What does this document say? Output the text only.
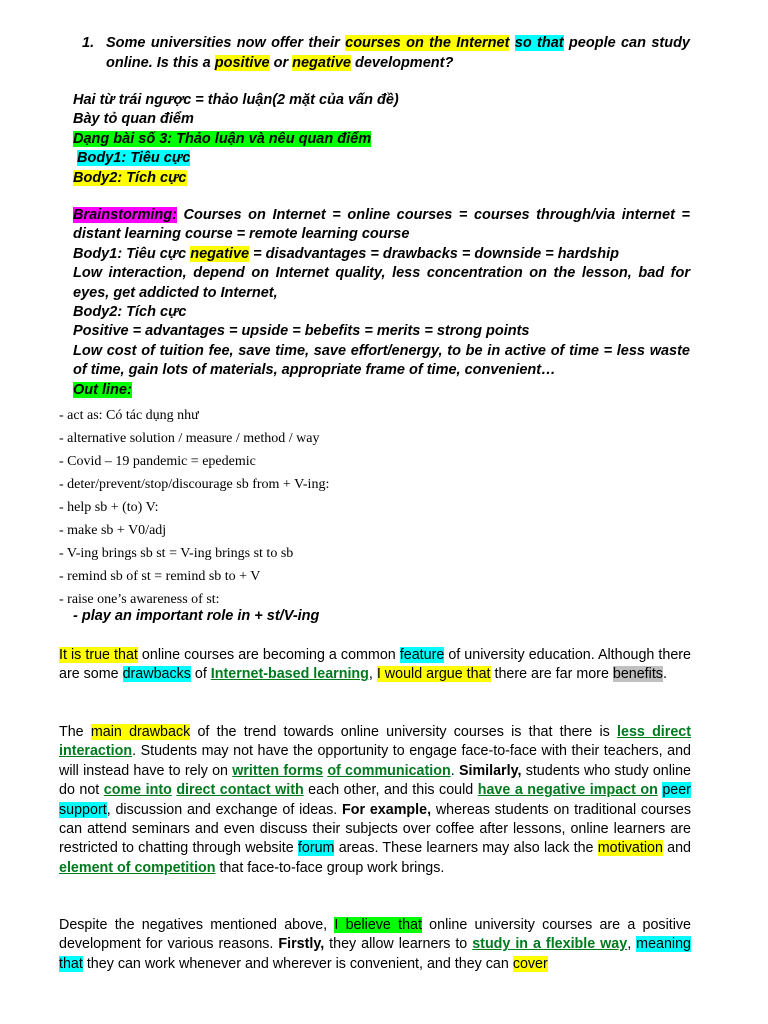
1. Some universities now offer their courses on the Internet so that people can study online. Is this a positive or negative development?
Hai từ trái ngược = thảo luận(2 mặt của vấn đề)
Bày tỏ quan điểm
Dạng bài số 3: Thảo luận và nêu quan điểm
Body1: Tiêu cực
Body2: Tích cực

Brainstorming: Courses on Internet = online courses = courses through/via internet = distant learning course = remote learning course

Body1: Tiêu cực negative = disadvantages = drawbacks = downside = hardship

Low interaction, depend on Internet quality, less concentration on the lesson, bad for eyes, get addicted to Internet,

Body2: Tích cực

Positive = advantages = upside = bebefits = merits = strong points

Low cost of tuition fee, save time, save effort/energy, to be in active of time = less waste of time, gain lots of materials, appropriate frame of time, convenient…

Out line:

- act as: Có tác dụng như
- alternative solution / measure / method / way
- Covid – 19 pandemic = epedemic
- deter/prevent/stop/discourage sb from + V-ing:
- help sb + (to) V:
- make sb + V0/adj
- V-ing brings sb st = V-ing brings st to sb
- remind sb of st = remind sb to + V
- raise one’s awareness of st:
- play an important role in + st/V-ing

It is true that online courses are becoming a common feature of university education. Although there are some drawbacks of Internet-based learning, I would argue that there are far more benefits.

The main drawback of the trend towards online university courses is that there is less direct interaction. Students may not have the opportunity to engage face-to-face with their teachers, and will instead have to rely on written forms of communication. Similarly, students who study online do not come into direct contact with each other, and this could have a negative impact on peer support, discussion and exchange of ideas. For example, whereas students on traditional courses can attend seminars and even discuss their subjects over coffee after lessons, online learners are restricted to chatting through website forum areas. These learners may also lack the motivation and element of competition that face-to-face group work brings.

Despite the negatives mentioned above, I believe that online university courses are a positive development for various reasons. Firstly, they allow learners to study in a flexible way, meaning that they can work whenever and wherever is convenient, and they can cover
